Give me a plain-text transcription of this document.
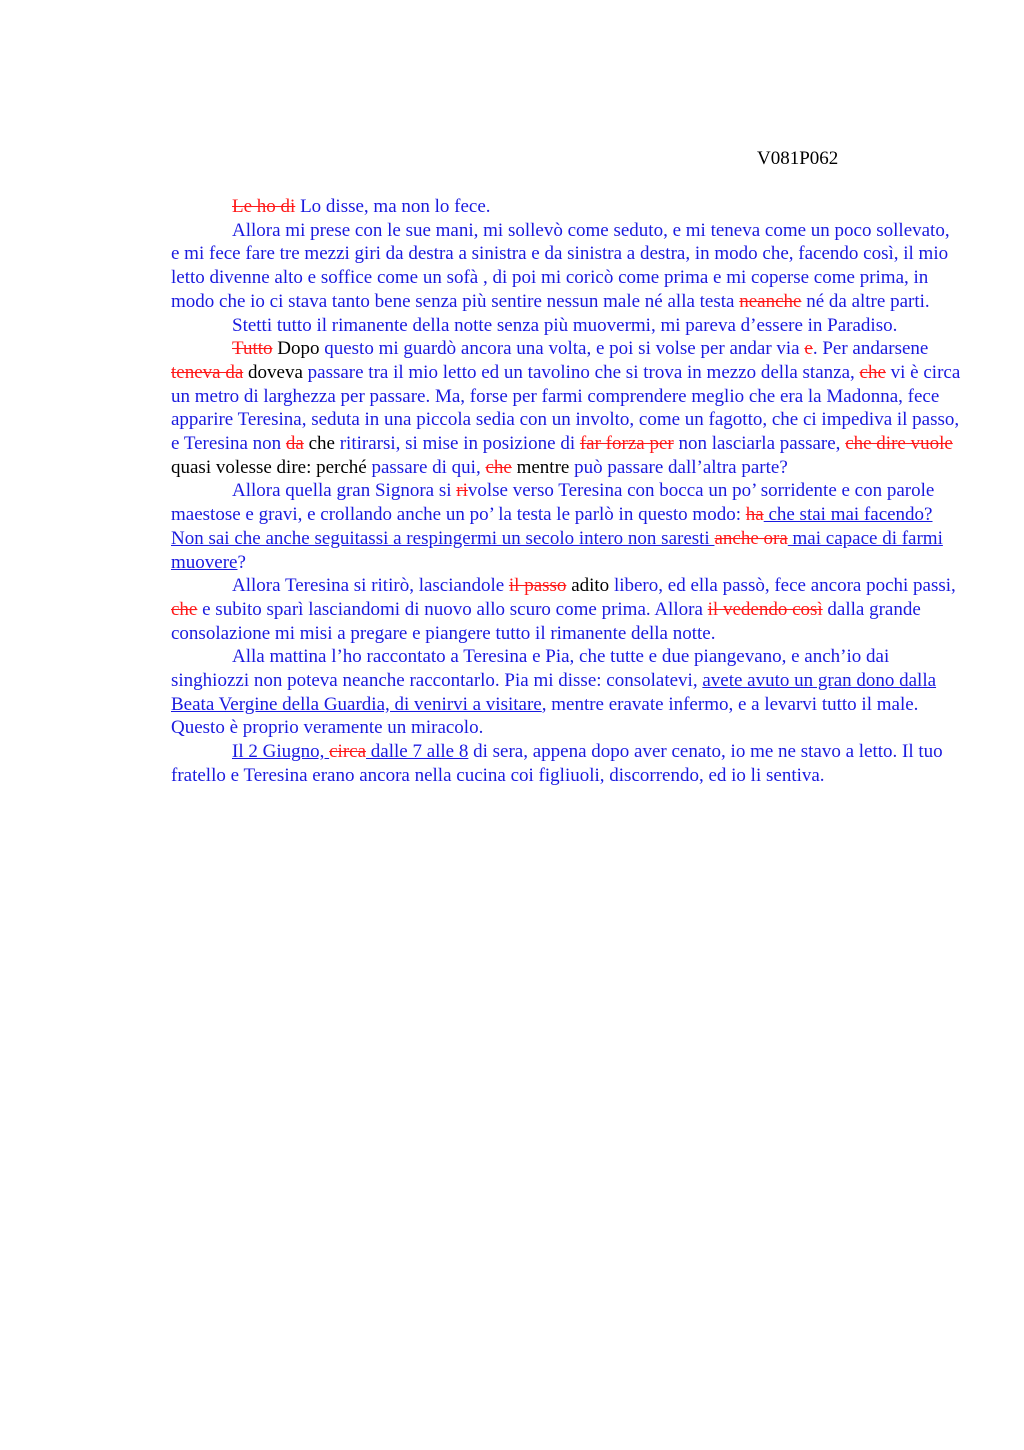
V081P062

Le ho di Lo disse, ma non lo fece.

Allora mi prese con le sue mani, mi sollevò come seduto, e mi teneva come un poco sollevato, e mi fece fare tre mezzi giri da destra a sinistra e da sinistra a destra, in modo che, facendo così, il mio letto divenne alto e soffice come un sofà , di poi mi coricò come prima e mi coperse come prima, in modo che io ci stava tanto bene senza più sentire nessun male né alla testa neanche né da altre parti.

Stetti tutto il rimanente della notte senza più muovermi, mi pareva d’essere in Paradiso.

Tutto Dopo questo mi guardò ancora una volta, e poi si volse per andar via e. Per andarsene teneva da doveva passare tra il mio letto ed un tavolino che si trova in mezzo della stanza, che vi è circa un metro di larghezza per passare. Ma, forse per farmi comprendere meglio che era la Madonna, fece apparire Teresina, seduta in una piccola sedia con un involto, come un fagotto, che ci impediva il passo, e Teresina non da che ritirarsi, si mise in posizione di far forza per non lasciarla passare, che dire vuole quasi volesse dire: perché passare di qui, che mentre può passare dall’altra parte?

Allora quella gran Signora si rivolse verso Teresina con bocca un po’ sorridente e con parole maestose e gravi, e crollando anche un po’ la testa le parlò in questo modo: ha che stai mai facendo? Non sai che anche seguitassi a respingermi un secolo intero non saresti anche ora mai capace di farmi muovere?

Allora Teresina si ritirò, lasciandole il passo adito libero, ed ella passò, fece ancora pochi passi, che e subito sparì lasciandomi di nuovo allo scuro come prima. Allora il vedendo così dalla grande consolazione mi misi a pregare e piangere tutto il rimanente della notte.

Alla mattina l’ho raccontato a Teresina e Pia, che tutte e due piangevano, e anch’io dai singhiozzi non poteva neanche raccontarlo. Pia mi disse: consolatevi, avete avuto un gran dono dalla Beata Vergine della Guardia, di venirvi a visitare, mentre eravate infermo, e a levarvi tutto il male. Questo è proprio veramente un miracolo.

Il 2 Giugno, circa dalle 7 alle 8 di sera, appena dopo aver cenato, io me ne stavo a letto. Il tuo fratello e Teresina erano ancora nella cucina coi figliuoli, discorrendo, ed io li sentiva.
